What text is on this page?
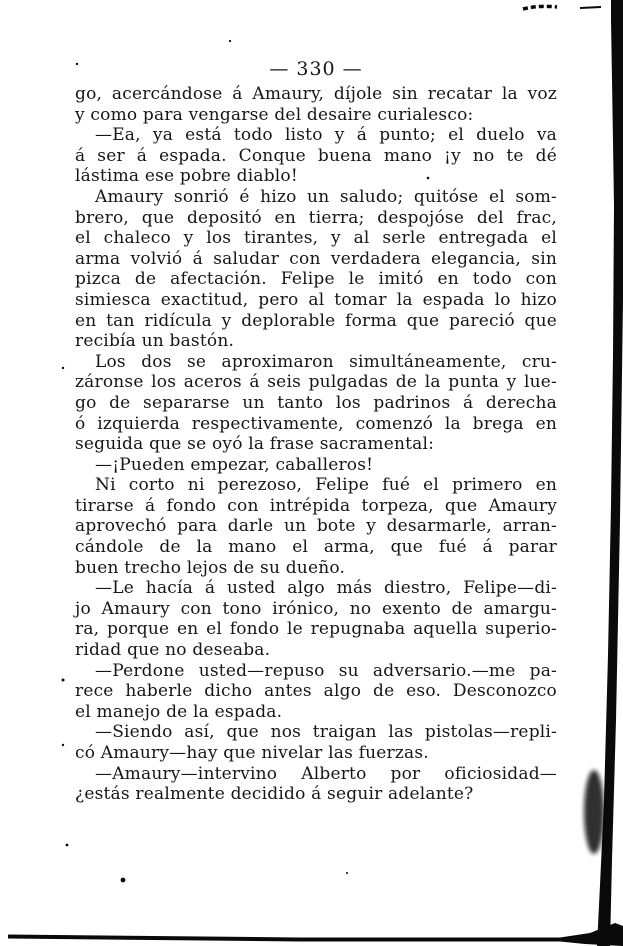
— 330 —
go, acercándose á Amaury, díjole sin recatar la voz
y como para vengarse del desaire curialesco:
—Ea, ya está todo listo y á punto; el duelo va
á ser á espada. Conque buena mano ¡y no te dé
lástima ese pobre diablo!
Amaury sonrió é hizo un saludo; quitóse el som-
brero, que depositó en tierra; despojóse del frac,
el chaleco y los tirantes, y al serle entregada el
arma volvió á saludar con verdadera elegancia, sin
pizca de afectación. Felipe le imitó en todo con
simiesca exactitud, pero al tomar la espada lo hizo
en tan ridícula y deplorable forma que pareció que
recibía un bastón.
Los dos se aproximaron simultáneamente, cru-
záronse los aceros á seis pulgadas de la punta y lue-
go de separarse un tanto los padrinos á derecha
ó izquierda respectivamente, comenzó la brega en
seguida que se oyó la frase sacramental:
—¡Pueden empezar, caballeros!
Ni corto ni perezoso, Felipe fué el primero en
tirarse á fondo con intrépida torpeza, que Amaury
aprovechó para darle un bote y desarmarle, arran-
cándole de la mano el arma, que fué á parar
buen trecho lejos de su dueño.
—Le hacía á usted algo más diestro, Felipe—di-
jo Amaury con tono irónico, no exento de amargu-
ra, porque en el fondo le repugnaba aquella superio-
ridad que no deseaba.
—Perdone usted—repuso su adversario.—me pa-
rece haberle dicho antes algo de eso. Desconozco
el manejo de la espada.
—Siendo así, que nos traigan las pistolas—repli-
có Amaury—hay que nivelar las fuerzas.
—Amaury—intervino Alberto por oficiosidad—
¿estás realmente decidido á seguir adelante?
